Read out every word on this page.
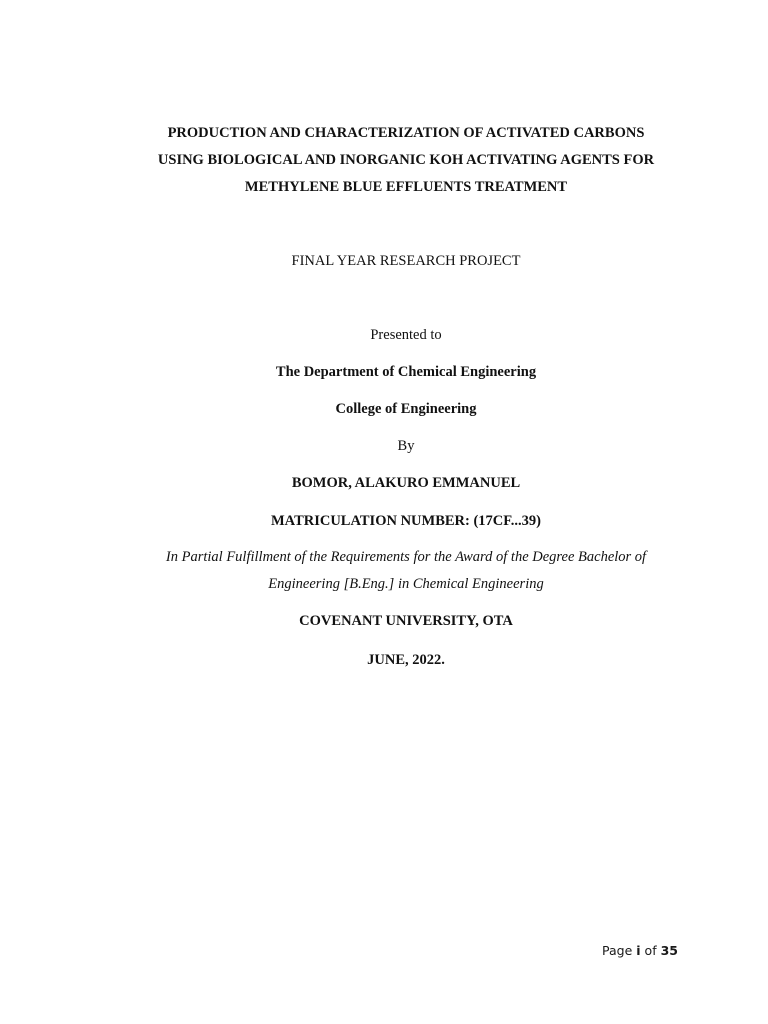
PRODUCTION AND CHARACTERIZATION OF ACTIVATED CARBONS
USING BIOLOGICAL AND INORGANIC KOH ACTIVATING AGENTS FOR
METHYLENE BLUE EFFLUENTS TREATMENT
FINAL YEAR RESEARCH PROJECT
Presented to
The Department of Chemical Engineering
College of Engineering
By
BOMOR, ALAKURO EMMANUEL
MATRICULATION NUMBER: (17CF...39)
In Partial Fulfillment of the Requirements for the Award of the Degree Bachelor of
Engineering [B.Eng.] in Chemical Engineering
COVENANT UNIVERSITY, OTA
JUNE, 2022.
Page i of 35
